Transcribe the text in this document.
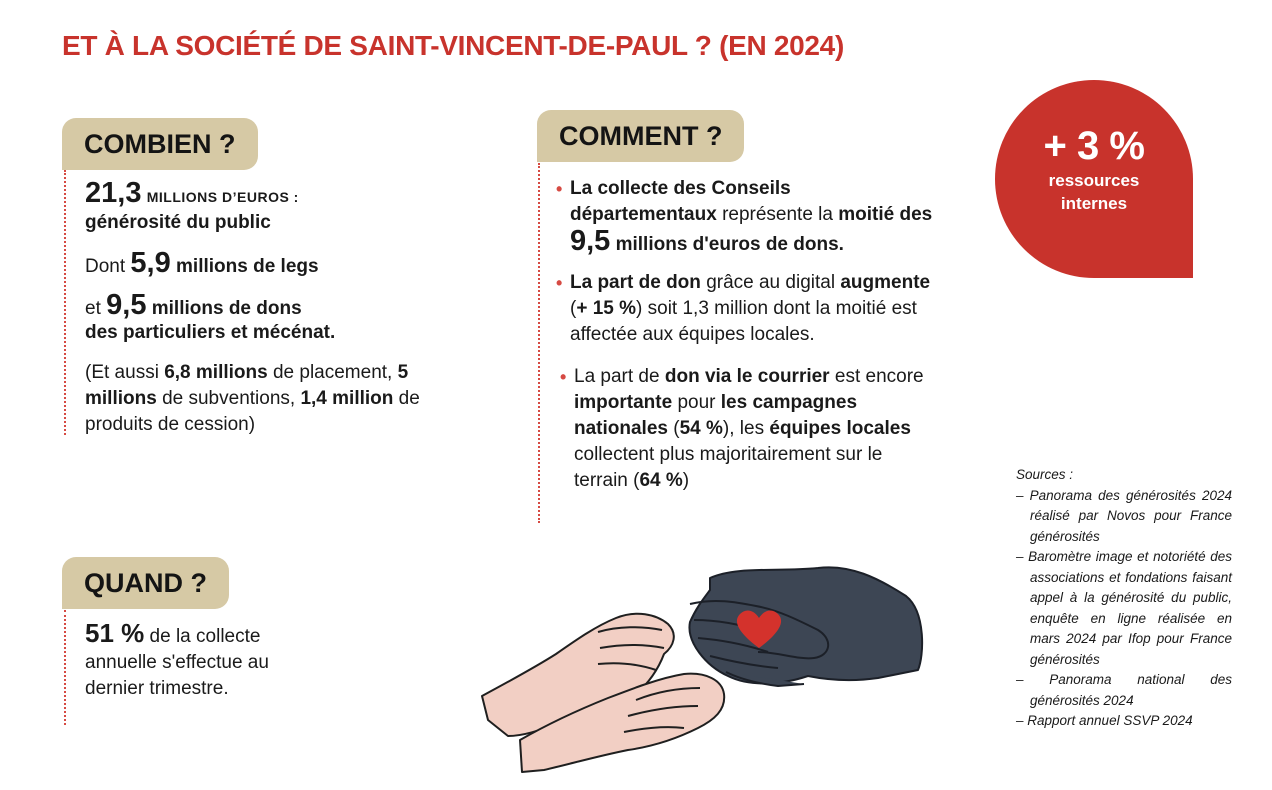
ET À LA SOCIÉTÉ DE SAINT-VINCENT-DE-PAUL ? (EN 2024)
COMBIEN ?

21,3 MILLIONS D’EUROS :

générosité du public

Dont 5,9 millions de legs

et 9,5 millions de dons

des particuliers et mécénat.

(Et aussi 6,8 millions de placement, 5 millions de subventions, 1,4 million de produits de cession)

COMMENT ?

• La collecte des Conseils départementaux représente la moitié des 9,5 millions d'euros de dons.

• La part de don grâce au digital augmente (+ 15 %) soit 1,3 million dont la moitié est affectée aux équipes locales.

• La part de don via le courrier est encore importante pour les campagnes nationales (54 %), les équipes locales collectent plus majoritairement sur le terrain (64 %)

QUAND ?

51 % de la collecte annuelle s'effectue au dernier trimestre.

+ 3 %
ressources
internes
Sources :
– Panorama des générosités 2024 réalisé par Novos pour France générosités
– Baromètre image et notoriété des associations et fondations faisant appel à la générosité du public, enquête en ligne réalisée en mars 2024 par Ifop pour France générosités
– Panorama national des générosités 2024
– Rapport annuel SSVP 2024
